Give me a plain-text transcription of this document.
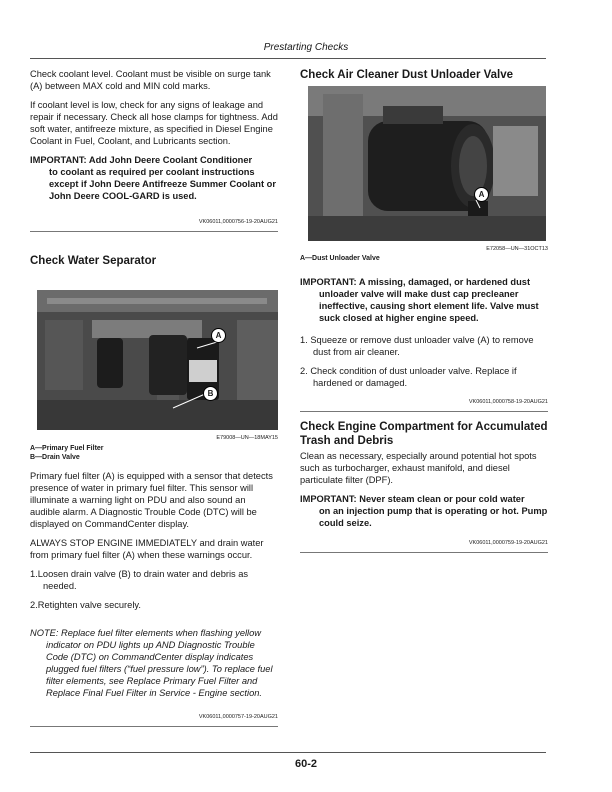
Prestarting Checks

Check coolant level. Coolant must be visible on surge tank (A) between MAX cold and MIN cold marks.

If coolant level is low, check for any signs of leakage and repair if necessary. Check all hose clamps for tightness. Add soft water, antifreeze mixture, as specified in Diesel Engine Coolant in Fuel, Coolant, and Lubricants section.

IMPORTANT: Add John Deere Coolant Conditioner
to coolant as required per coolant instructions except if John Deere Antifreeze Summer Coolant or John Deere COOL-GARD is used.
VK06011,0000756-19-20AUG21
Check Water Separator
A
B
E79008—UN—18MAY15
A—Primary Fuel Filter
B—Drain Valve

Primary fuel filter (A) is equipped with a sensor that detects presence of water in primary fuel filter. This sensor will illuminate a warning light on PDU and also sound an audible alarm. A Diagnostic Trouble Code (DTC) will be displayed on CommandCenter display.

ALWAYS STOP ENGINE IMMEDIATELY and drain water from primary fuel filter (A) when these warnings occur.

1.Loosen drain valve (B) to drain water and debris as needed.
2.Retighten valve securely.
NOTE: Replace fuel filter elements when flashing yellow
indicator on PDU lights up AND Diagnostic Trouble Code (DTC) on CommandCenter display indicates plugged fuel filters (“fuel pressure low”). To replace fuel filter elements, see Replace Primary Fuel Filter and Replace Final Fuel Filter in Service - Engine section.
VK06011,0000757-19-20AUG21
Check Air Cleaner Dust Unloader Valve
A
E72058—UN—31OCT13
A—Dust Unloader Valve
IMPORTANT: A missing, damaged, or hardened dust
unloader valve will make dust cap precleaner ineffective, causing short element life. Valve must suck closed at higher engine speed.
1. Squeeze or remove dust unloader valve (A) to remove dust from air cleaner.
2. Check condition of dust unloader valve. Replace if hardened or damaged.
VK06011,0000758-19-20AUG21
Check Engine Compartment for Accumulated Trash and Debris

Clean as necessary, especially around potential hot spots such as turbocharger, exhaust manifold, and diesel particulate filter (DPF).

IMPORTANT: Never steam clean or pour cold water
on an injection pump that is operating or hot. Pump could seize.
VK06011,0000759-19-20AUG21
60-2
